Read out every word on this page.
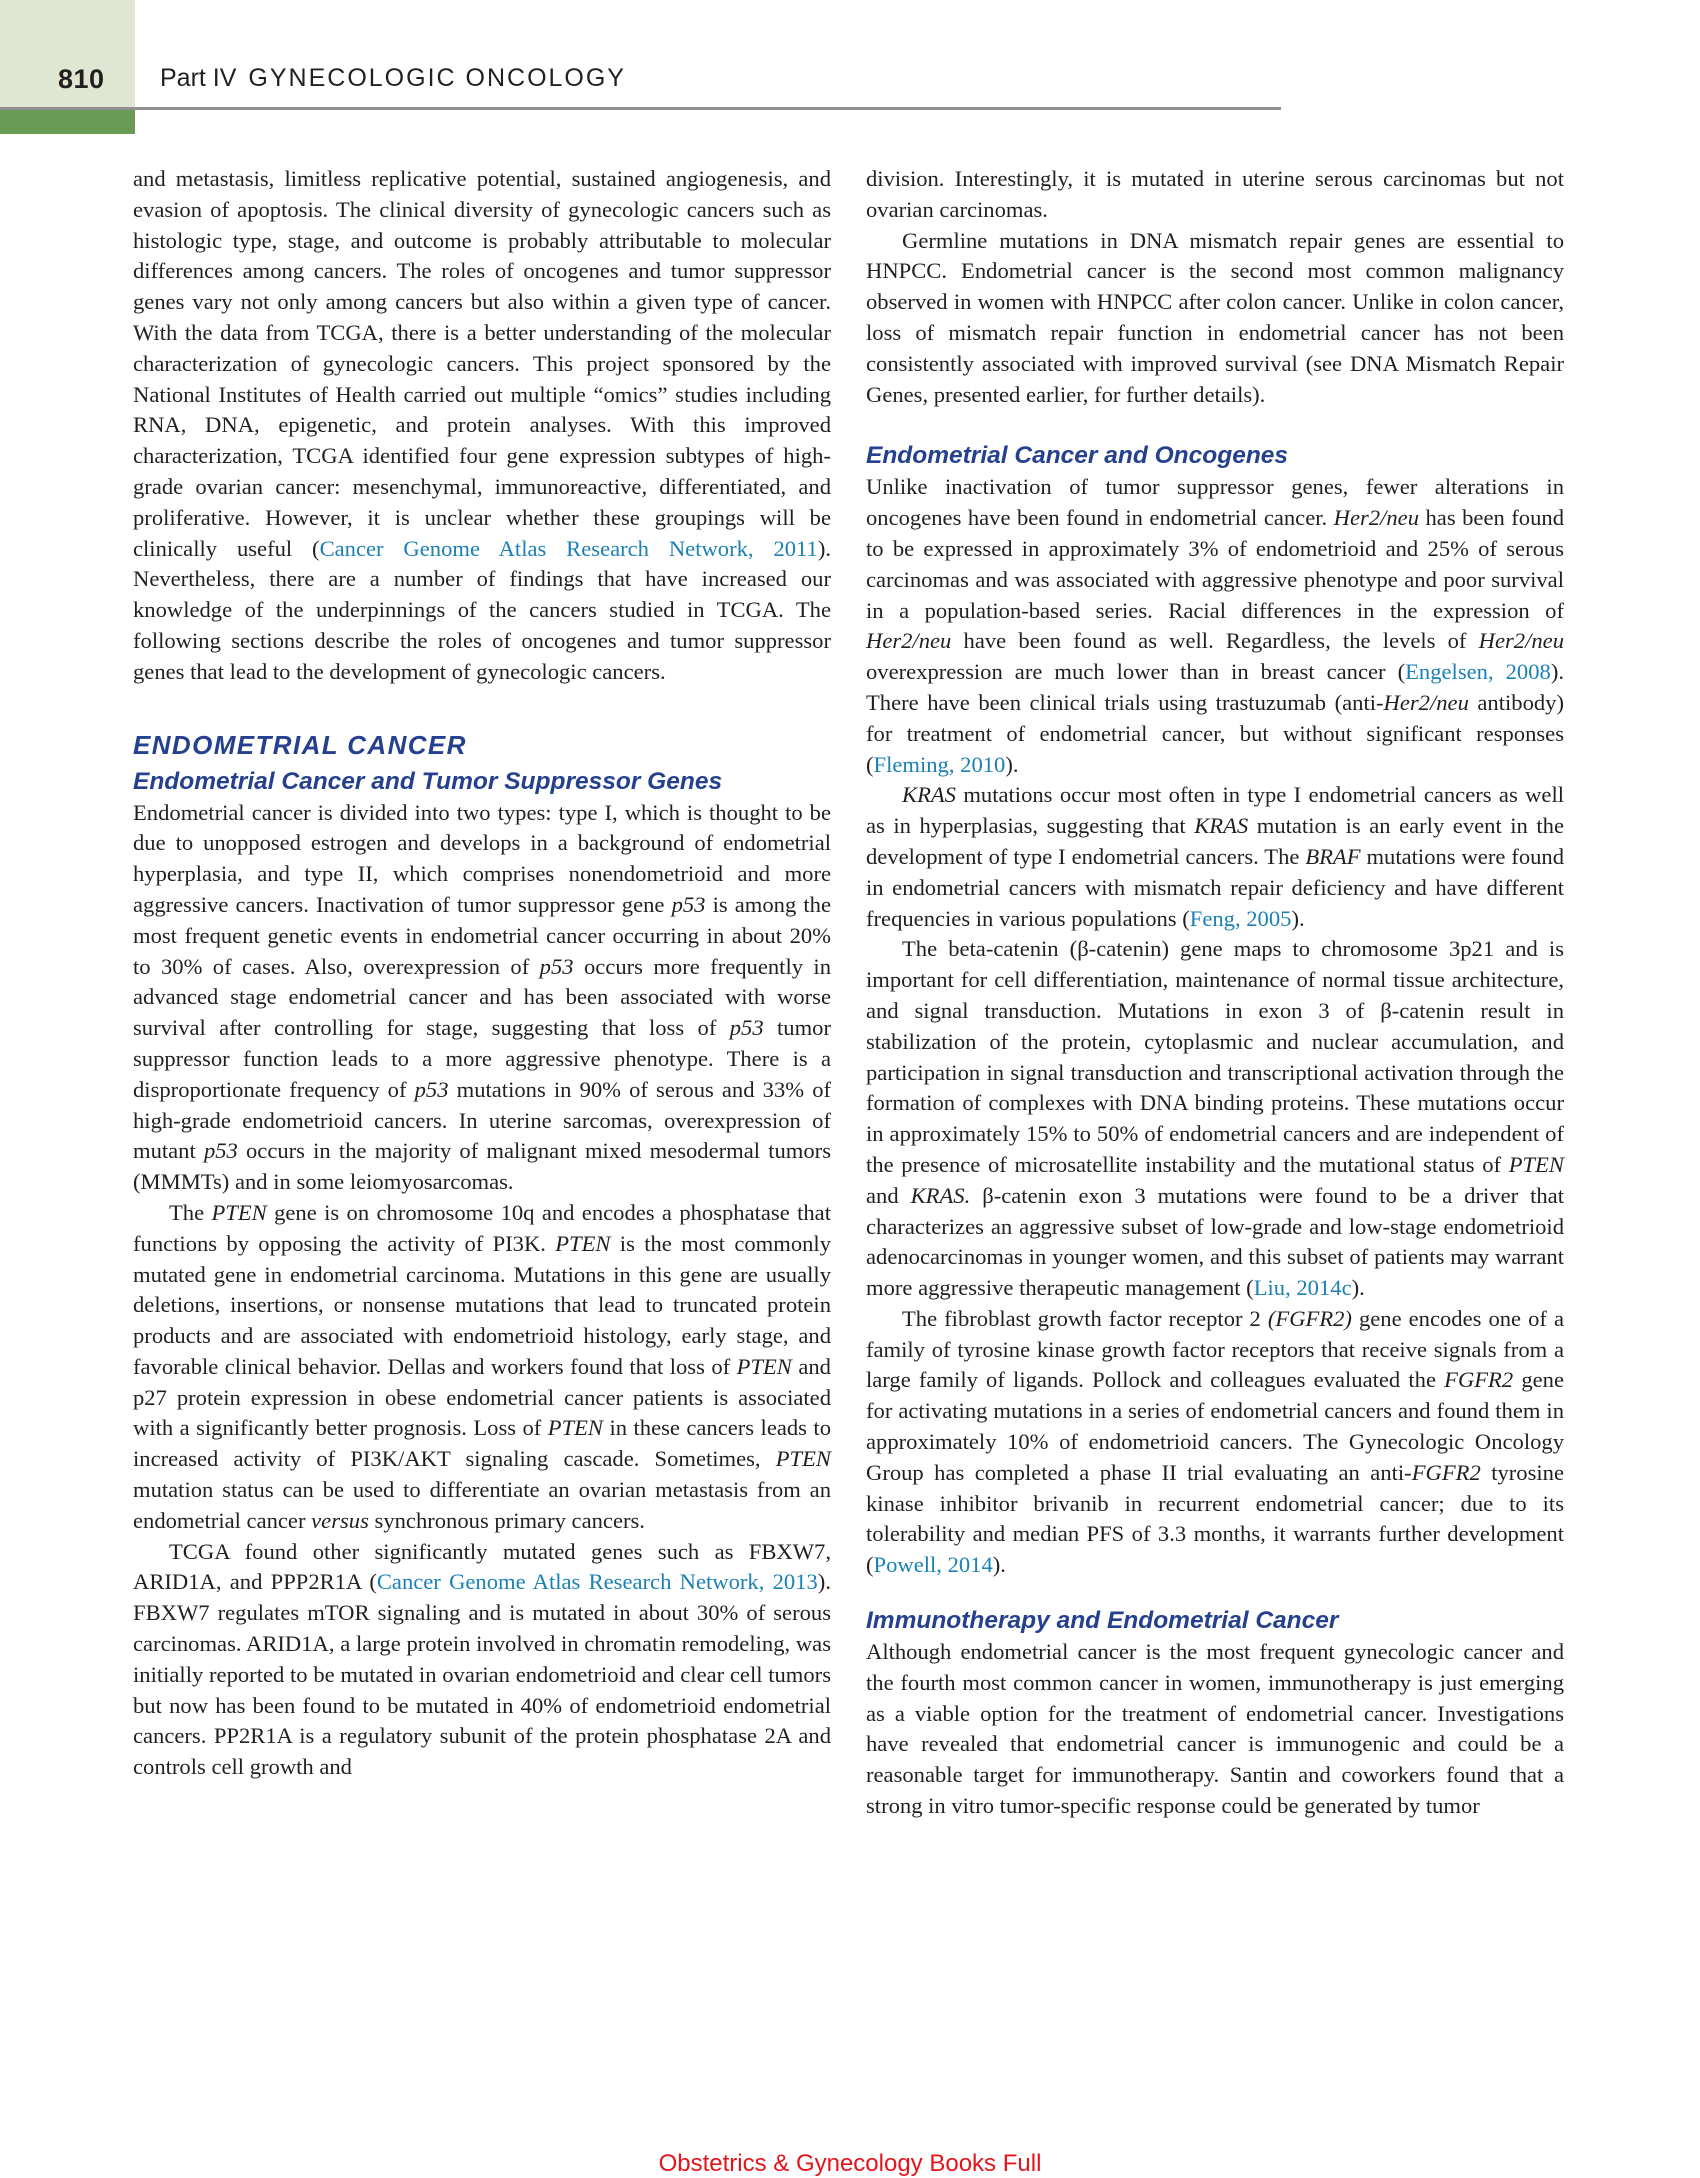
810 Part IV GYNECOLOGIC ONCOLOGY

and metastasis, limitless replicative potential, sustained angiogenesis, and evasion of apoptosis. The clinical diversity of gynecologic cancers such as histologic type, stage, and outcome is probably attributable to molecular differences among cancers. The roles of oncogenes and tumor suppressor genes vary not only among cancers but also within a given type of cancer. With the data from TCGA, there is a better understanding of the molecular characterization of gynecologic cancers. This project sponsored by the National Institutes of Health carried out multiple “omics” studies including RNA, DNA, epigenetic, and protein analyses. With this improved characterization, TCGA identified four gene expression subtypes of high-grade ovarian cancer: mesenchymal, immunoreactive, differentiated, and proliferative. However, it is unclear whether these groupings will be clinically useful (Cancer Genome Atlas Research Network, 2011). Nevertheless, there are a number of findings that have increased our knowledge of the underpinnings of the cancers studied in TCGA. The following sections describe the roles of oncogenes and tumor suppressor genes that lead to the development of gynecologic cancers.

ENDOMETRIAL CANCER
Endometrial Cancer and Tumor Suppressor Genes

Endometrial cancer is divided into two types: type I, which is thought to be due to unopposed estrogen and develops in a background of endometrial hyperplasia, and type II, which comprises nonendometrioid and more aggressive cancers. Inactivation of tumor suppressor gene p53 is among the most frequent genetic events in endometrial cancer occurring in about 20% to 30% of cases. Also, overexpression of p53 occurs more frequently in advanced stage endometrial cancer and has been associated with worse survival after controlling for stage, suggesting that loss of p53 tumor suppressor function leads to a more aggressive phenotype. There is a disproportionate frequency of p53 mutations in 90% of serous and 33% of high-grade endometrioid cancers. In uterine sarcomas, overexpression of mutant p53 occurs in the majority of malignant mixed mesodermal tumors (MMMTs) and in some leiomyosarcomas.

The PTEN gene is on chromosome 10q and encodes a phosphatase that functions by opposing the activity of PI3K. PTEN is the most commonly mutated gene in endometrial carcinoma. Mutations in this gene are usually deletions, insertions, or nonsense mutations that lead to truncated protein products and are associated with endometrioid histology, early stage, and favorable clinical behavior. Dellas and workers found that loss of PTEN and p27 protein expression in obese endometrial cancer patients is associated with a significantly better prognosis. Loss of PTEN in these cancers leads to increased activity of PI3K/AKT signaling cascade. Sometimes, PTEN mutation status can be used to differentiate an ovarian metastasis from an endometrial cancer versus synchronous primary cancers.

TCGA found other significantly mutated genes such as FBXW7, ARID1A, and PPP2R1A (Cancer Genome Atlas Research Network, 2013). FBXW7 regulates mTOR signaling and is mutated in about 30% of serous carcinomas. ARID1A, a large protein involved in chromatin remodeling, was initially reported to be mutated in ovarian endometrioid and clear cell tumors but now has been found to be mutated in 40% of endometrioid endometrial cancers. PP2R1A is a regulatory subunit of the protein phosphatase 2A and controls cell growth and

division. Interestingly, it is mutated in uterine serous carcinomas but not ovarian carcinomas.

Germline mutations in DNA mismatch repair genes are essential to HNPCC. Endometrial cancer is the second most common malignancy observed in women with HNPCC after colon cancer. Unlike in colon cancer, loss of mismatch repair function in endometrial cancer has not been consistently associated with improved survival (see DNA Mismatch Repair Genes, presented earlier, for further details).

Endometrial Cancer and Oncogenes

Unlike inactivation of tumor suppressor genes, fewer alterations in oncogenes have been found in endometrial cancer. Her2/neu has been found to be expressed in approximately 3% of endometrioid and 25% of serous carcinomas and was associated with aggressive phenotype and poor survival in a population-based series. Racial differences in the expression of Her2/neu have been found as well. Regardless, the levels of Her2/neu overexpression are much lower than in breast cancer (Engelsen, 2008). There have been clinical trials using trastuzumab (anti-Her2/neu antibody) for treatment of endometrial cancer, but without significant responses (Fleming, 2010).

KRAS mutations occur most often in type I endometrial cancers as well as in hyperplasias, suggesting that KRAS mutation is an early event in the development of type I endometrial cancers. The BRAF mutations were found in endometrial cancers with mismatch repair deficiency and have different frequencies in various populations (Feng, 2005).

The beta-catenin (β-catenin) gene maps to chromosome 3p21 and is important for cell differentiation, maintenance of normal tissue architecture, and signal transduction. Mutations in exon 3 of β-catenin result in stabilization of the protein, cytoplasmic and nuclear accumulation, and participation in signal transduction and transcriptional activation through the formation of complexes with DNA binding proteins. These mutations occur in approximately 15% to 50% of endometrial cancers and are independent of the presence of microsatellite instability and the mutational status of PTEN and KRAS. β-catenin exon 3 mutations were found to be a driver that characterizes an aggressive subset of low-grade and low-stage endometrioid adenocarcinomas in younger women, and this subset of patients may warrant more aggressive therapeutic management (Liu, 2014c).

The fibroblast growth factor receptor 2 (FGFR2) gene encodes one of a family of tyrosine kinase growth factor receptors that receive signals from a large family of ligands. Pollock and colleagues evaluated the FGFR2 gene for activating mutations in a series of endometrial cancers and found them in approximately 10% of endometrioid cancers. The Gynecologic Oncology Group has completed a phase II trial evaluating an anti-FGFR2 tyrosine kinase inhibitor brivanib in recurrent endometrial cancer; due to its tolerability and median PFS of 3.3 months, it warrants further development (Powell, 2014).

Immunotherapy and Endometrial Cancer

Although endometrial cancer is the most frequent gynecologic cancer and the fourth most common cancer in women, immunotherapy is just emerging as a viable option for the treatment of endometrial cancer. Investigations have revealed that endometrial cancer is immunogenic and could be a reasonable target for immunotherapy. Santin and coworkers found that a strong in vitro tumor-specific response could be generated by tumor

Obstetrics & Gynecology Books Full
